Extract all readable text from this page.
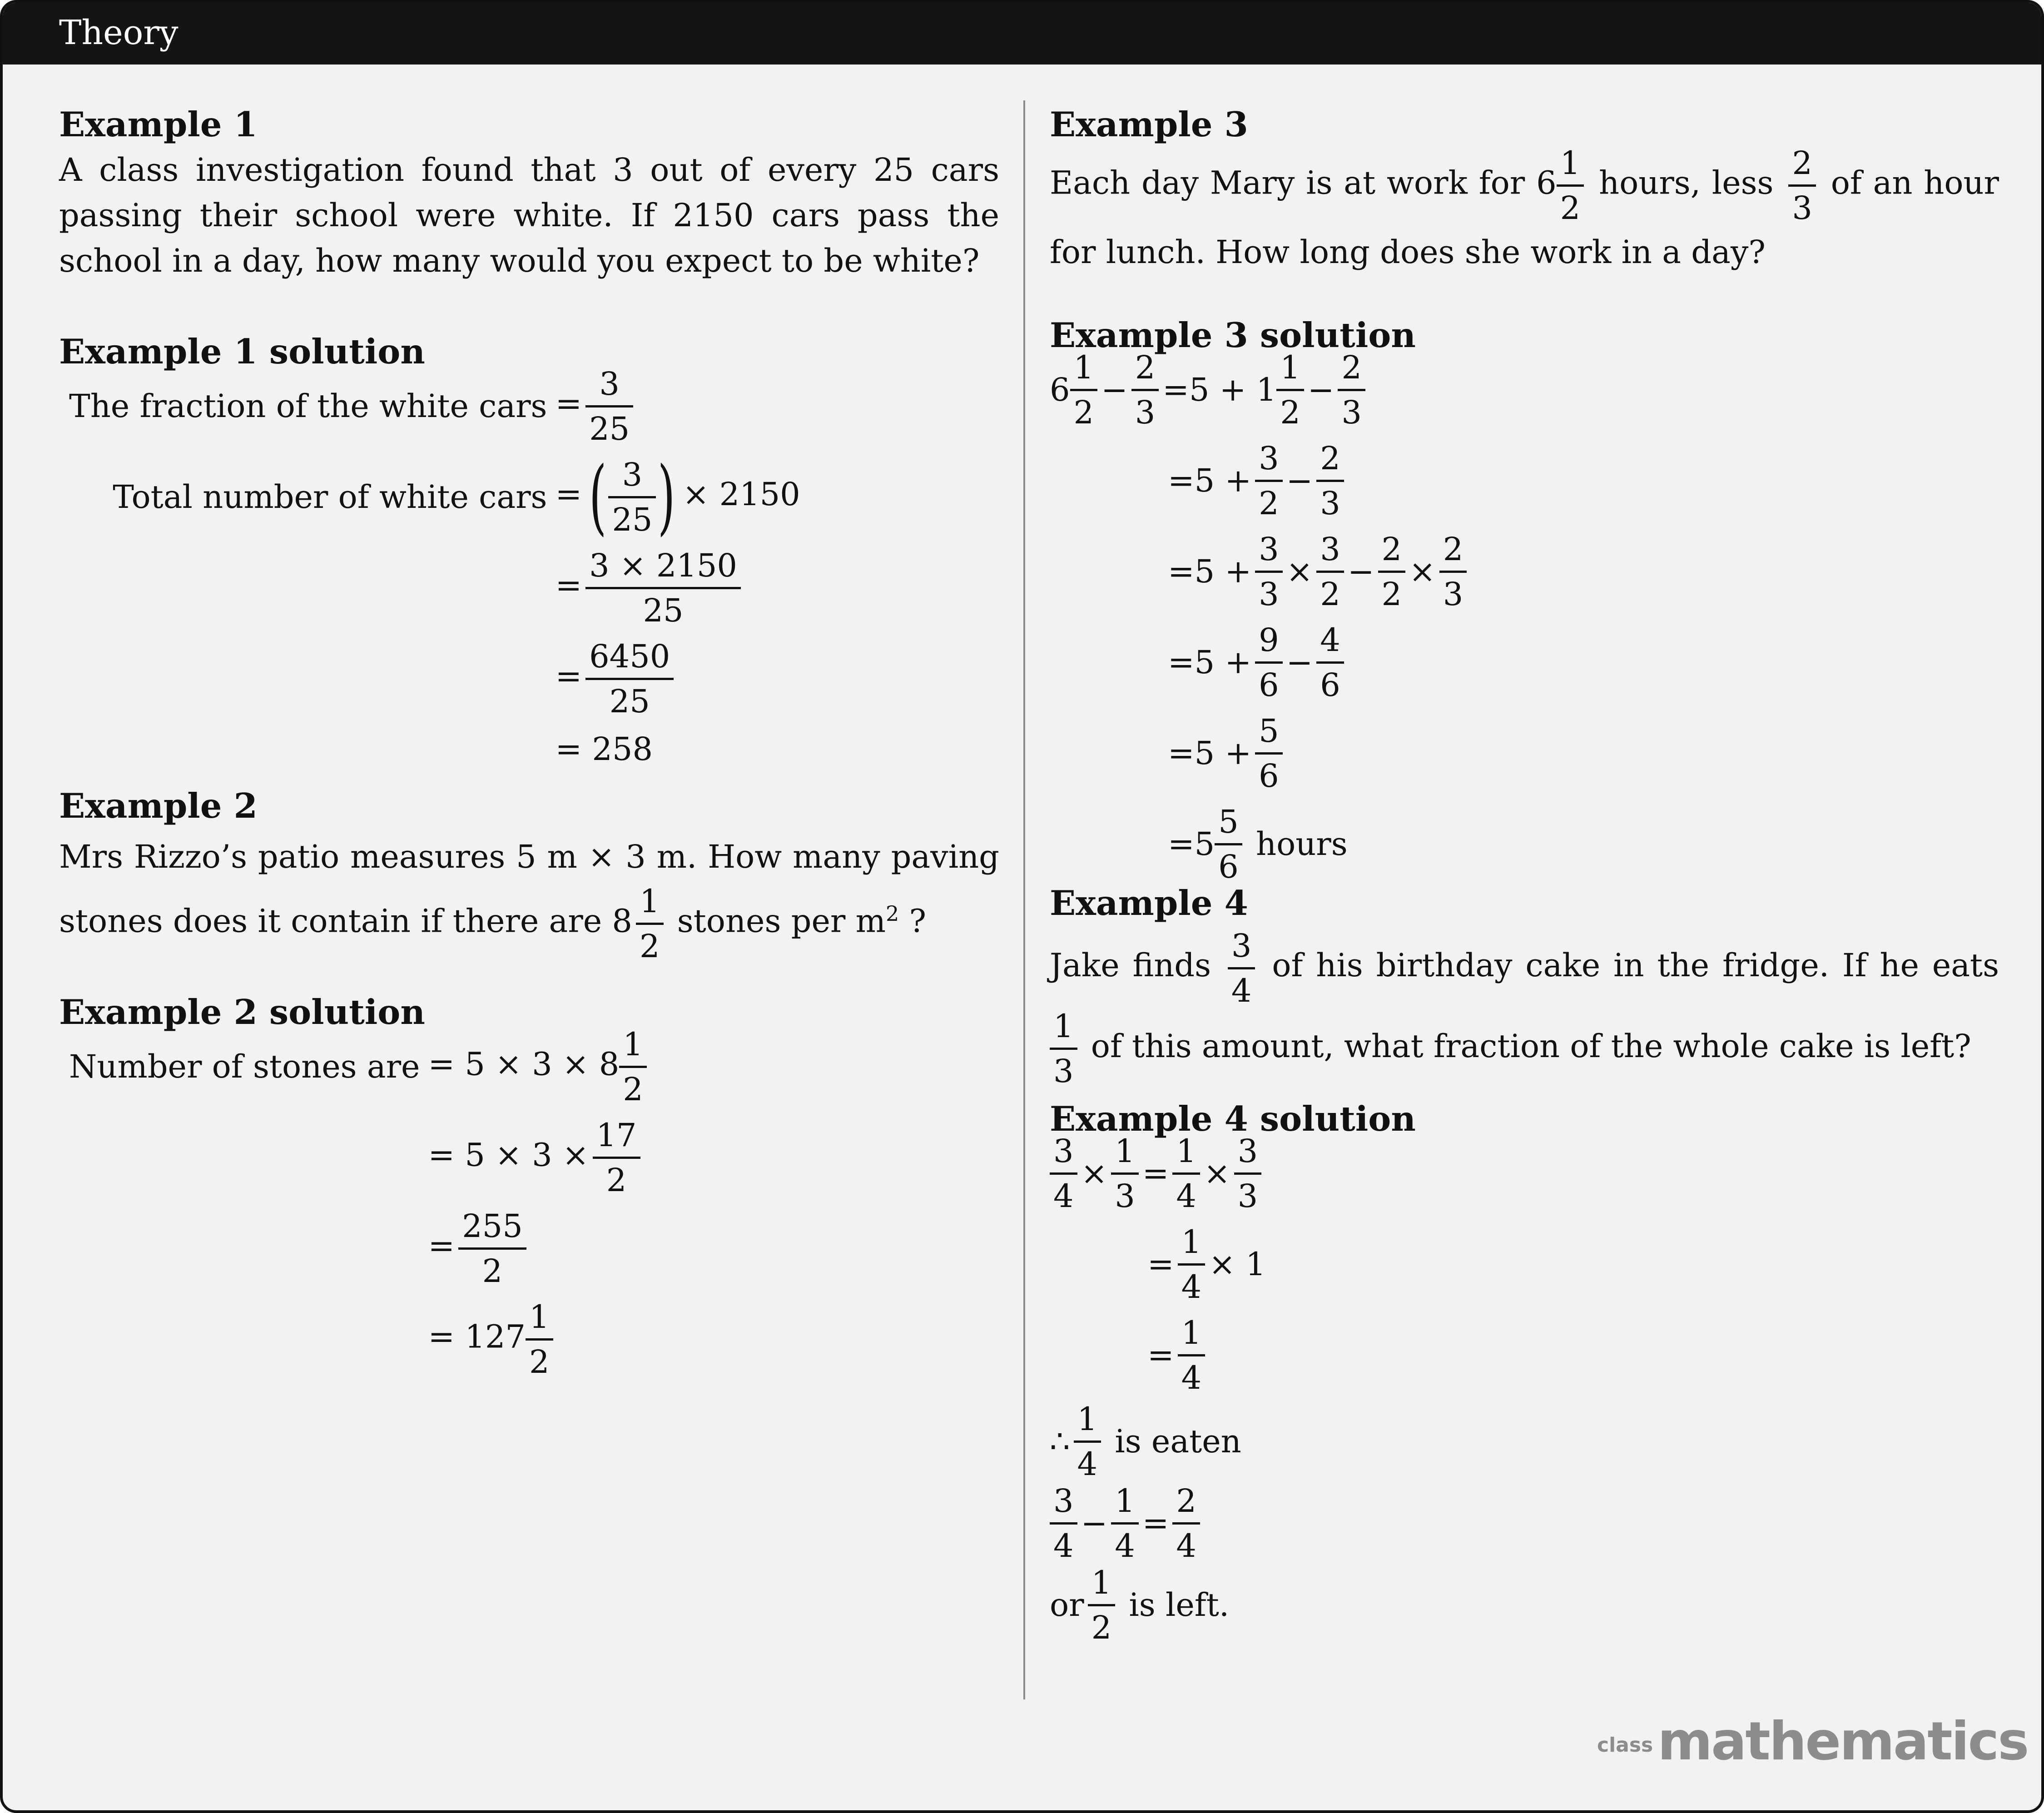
Theory
Example 1
A class investigation found that 3 out of every 25 cars passing their school were white. If 2150 cars pass the school in a day, how many would you expect to be white?
Example 1 solution
The fraction of the white cars	= $\frac{3}{25}$

Total number of white cars	=( $\frac{3}{25}$ ) × 2150
	= $\frac{3 \times 2150}{25}$

	= $\frac{6450}{25}$

	= 258
Example 2
Mrs Rizzo’s patio measures 5 m × 3 m. How many paving stones does it contain if there are $8 \frac{1}{2}$ stones per $m^2$ ?
Example 2 solution
Number of stones are	= $5 \times 3 \times 8 \frac{1}{2}$

	= $5 \times 3 \times \frac{17}{2}$

	= $\frac{255}{2}$

	= $127 \frac{1}{2}$
Example 3
Each day Mary is at work for $6 \frac{1}{2}$ hours, less $\frac{2}{3}$ of an hour for lunch. How long does she work in a day?
Example 3 solution
$6 \frac{1}{2} - \frac{2}{3} =5 + 1 \frac{1}{2} - \frac{2}{3}$
$=5 + \frac{3}{2} - \frac{2}{3}$
$=5 + \frac{3}{3} \times \frac{3}{2} - \frac{2}{2} \times \frac{2}{3}$
$=5 + \frac{9}{6} - \frac{4}{6}$
$=5 + \frac{5}{6}$
$=5 \frac{5}{6}$ hours
Example 4
Jake finds $\frac{3}{4}$ of his birthday cake in the fridge. If he eats
$\frac{1}{3}$ of this amount, what fraction of the whole cake is left?
Example 4 solution
$\frac{3}{4} \times \frac{1}{3} = \frac{1}{4} \times \frac{3}{3}$
= $\frac{1}{4} \times 1$
= $\frac{1}{4}$
∴ $\frac{1}{4}$ is eaten
$\frac{3}{4} - \frac{1}{4} = \frac{2}{4}$
or $\frac{1}{2}$ is left.
classmathematics
